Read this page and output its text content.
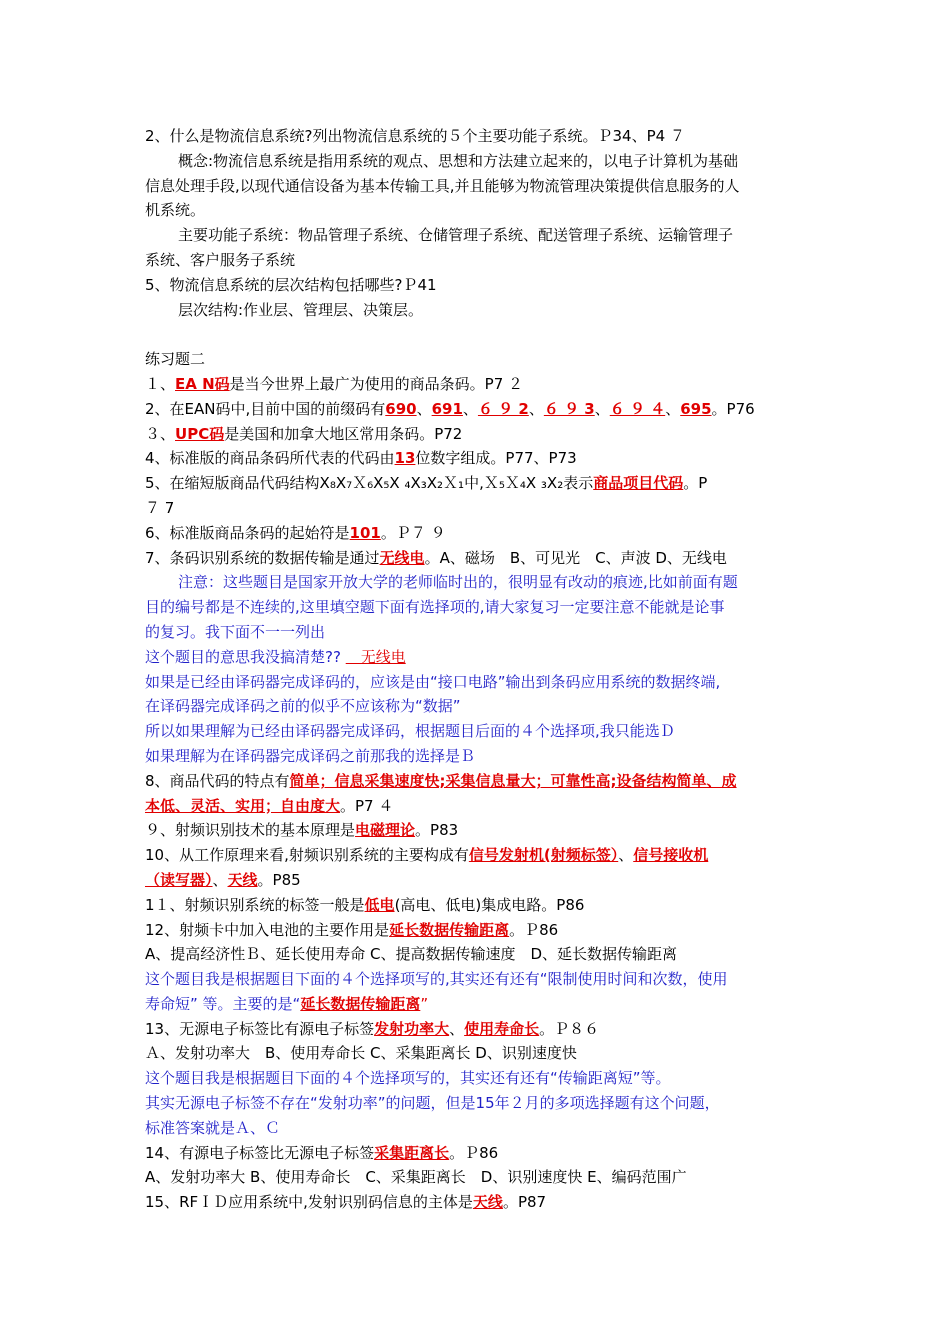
2、什么是物流信息系统?列出物流信息系统的５个主要功能子系统。Ｐ34、P4 ７
概念:物流信息系统是指用系统的观点、思想和方法建立起来的，以电子计算机为基础
信息处理手段,以现代通信设备为基本传输工具,并且能够为物流管理决策提供信息服务的人
机系统。
主要功能子系统：物品管理子系统、仓储管理子系统、配送管理子系统、运输管理子
系统、客户服务子系统
5、物流信息系统的层次结构包括哪些?Ｐ41
层次结构:作业层、管理层、决策层。
练习题二
１、EA N码是当今世界上最广为使用的商品条码。P7 ２
2、在EAN码中,目前中国的前缀码有690、691、６ ９ 2、６ ９ 3、６ ９ ４、695。P76
３、UPC码是美国和加拿大地区常用条码。P72
4、标准版的商品条码所代表的代码由13位数字组成。P77、P73
5、在缩短版商品代码结构X₈X₇Ｘ₆X₅X ₄X₃X₂Ｘ₁中,Ｘ₅Ｘ₄X ₃X₂表示商品项目代码。P
７ 7
6、标准版商品条码的起始符是101。Ｐ７ ９
7、条码识别系统的数据传输是通过无线电。A、磁场　B、可见光　C、声波 D、无线电
注意：这些题目是国家开放大学的老师临时出的，很明显有改动的痕迹,比如前面有题
目的编号都是不连续的,这里填空题下面有选择项的,请大家复习一定要注意不能就是论事
的复习。我下面不一一列出
这个题目的意思我没搞清楚?? 　无线电
如果是已经由译码器完成译码的，应该是由“接口电路”输出到条码应用系统的数据终端,
在译码器完成译码之前的似乎不应该称为“数据”
所以如果理解为已经由译码器完成译码，根据题目后面的４个选择项,我只能选Ｄ
如果理解为在译码器完成译码之前那我的选择是Ｂ
8、商品代码的特点有简单；信息采集速度快;采集信息量大；可靠性高;设备结构简单、成
本低、灵活、实用；自由度大。P7 ４
９、射频识别技术的基本原理是电磁理论。P83
10、从工作原理来看,射频识别系统的主要构成有信号发射机(射频标签）、信号接收机
（读写器）、天线。P85
1１、射频识别系统的标签一般是低电(高电、低电)集成电路。P86
12、射频卡中加入电池的主要作用是延长数据传输距离。Ｐ86
A、提高经济性Ｂ、延长使用寿命 C、提高数据传输速度　D、延长数据传输距离
这个题目我是根据题目下面的４个选择项写的,其实还有还有“限制使用时间和次数，使用
寿命短” 等。主要的是“延长数据传输距离”
13、无源电子标签比有源电子标签发射功率大、使用寿命长。Ｐ８６
Ａ、发射功率大　B、使用寿命长 C、采集距离长 D、识别速度快
这个题目我是根据题目下面的４个选择项写的，其实还有还有“传输距离短”等。
其实无源电子标签不存在“发射功率”的问题，但是15年２月的多项选择题有这个问题，
标准答案就是Ａ、Ｃ
14、有源电子标签比无源电子标签采集距离长。Ｐ86
A、发射功率大 B、使用寿命长　C、采集距离长　D、识别速度快 E、编码范围广
15、RFＩＤ应用系统中,发射识别码信息的主体是天线。P87
